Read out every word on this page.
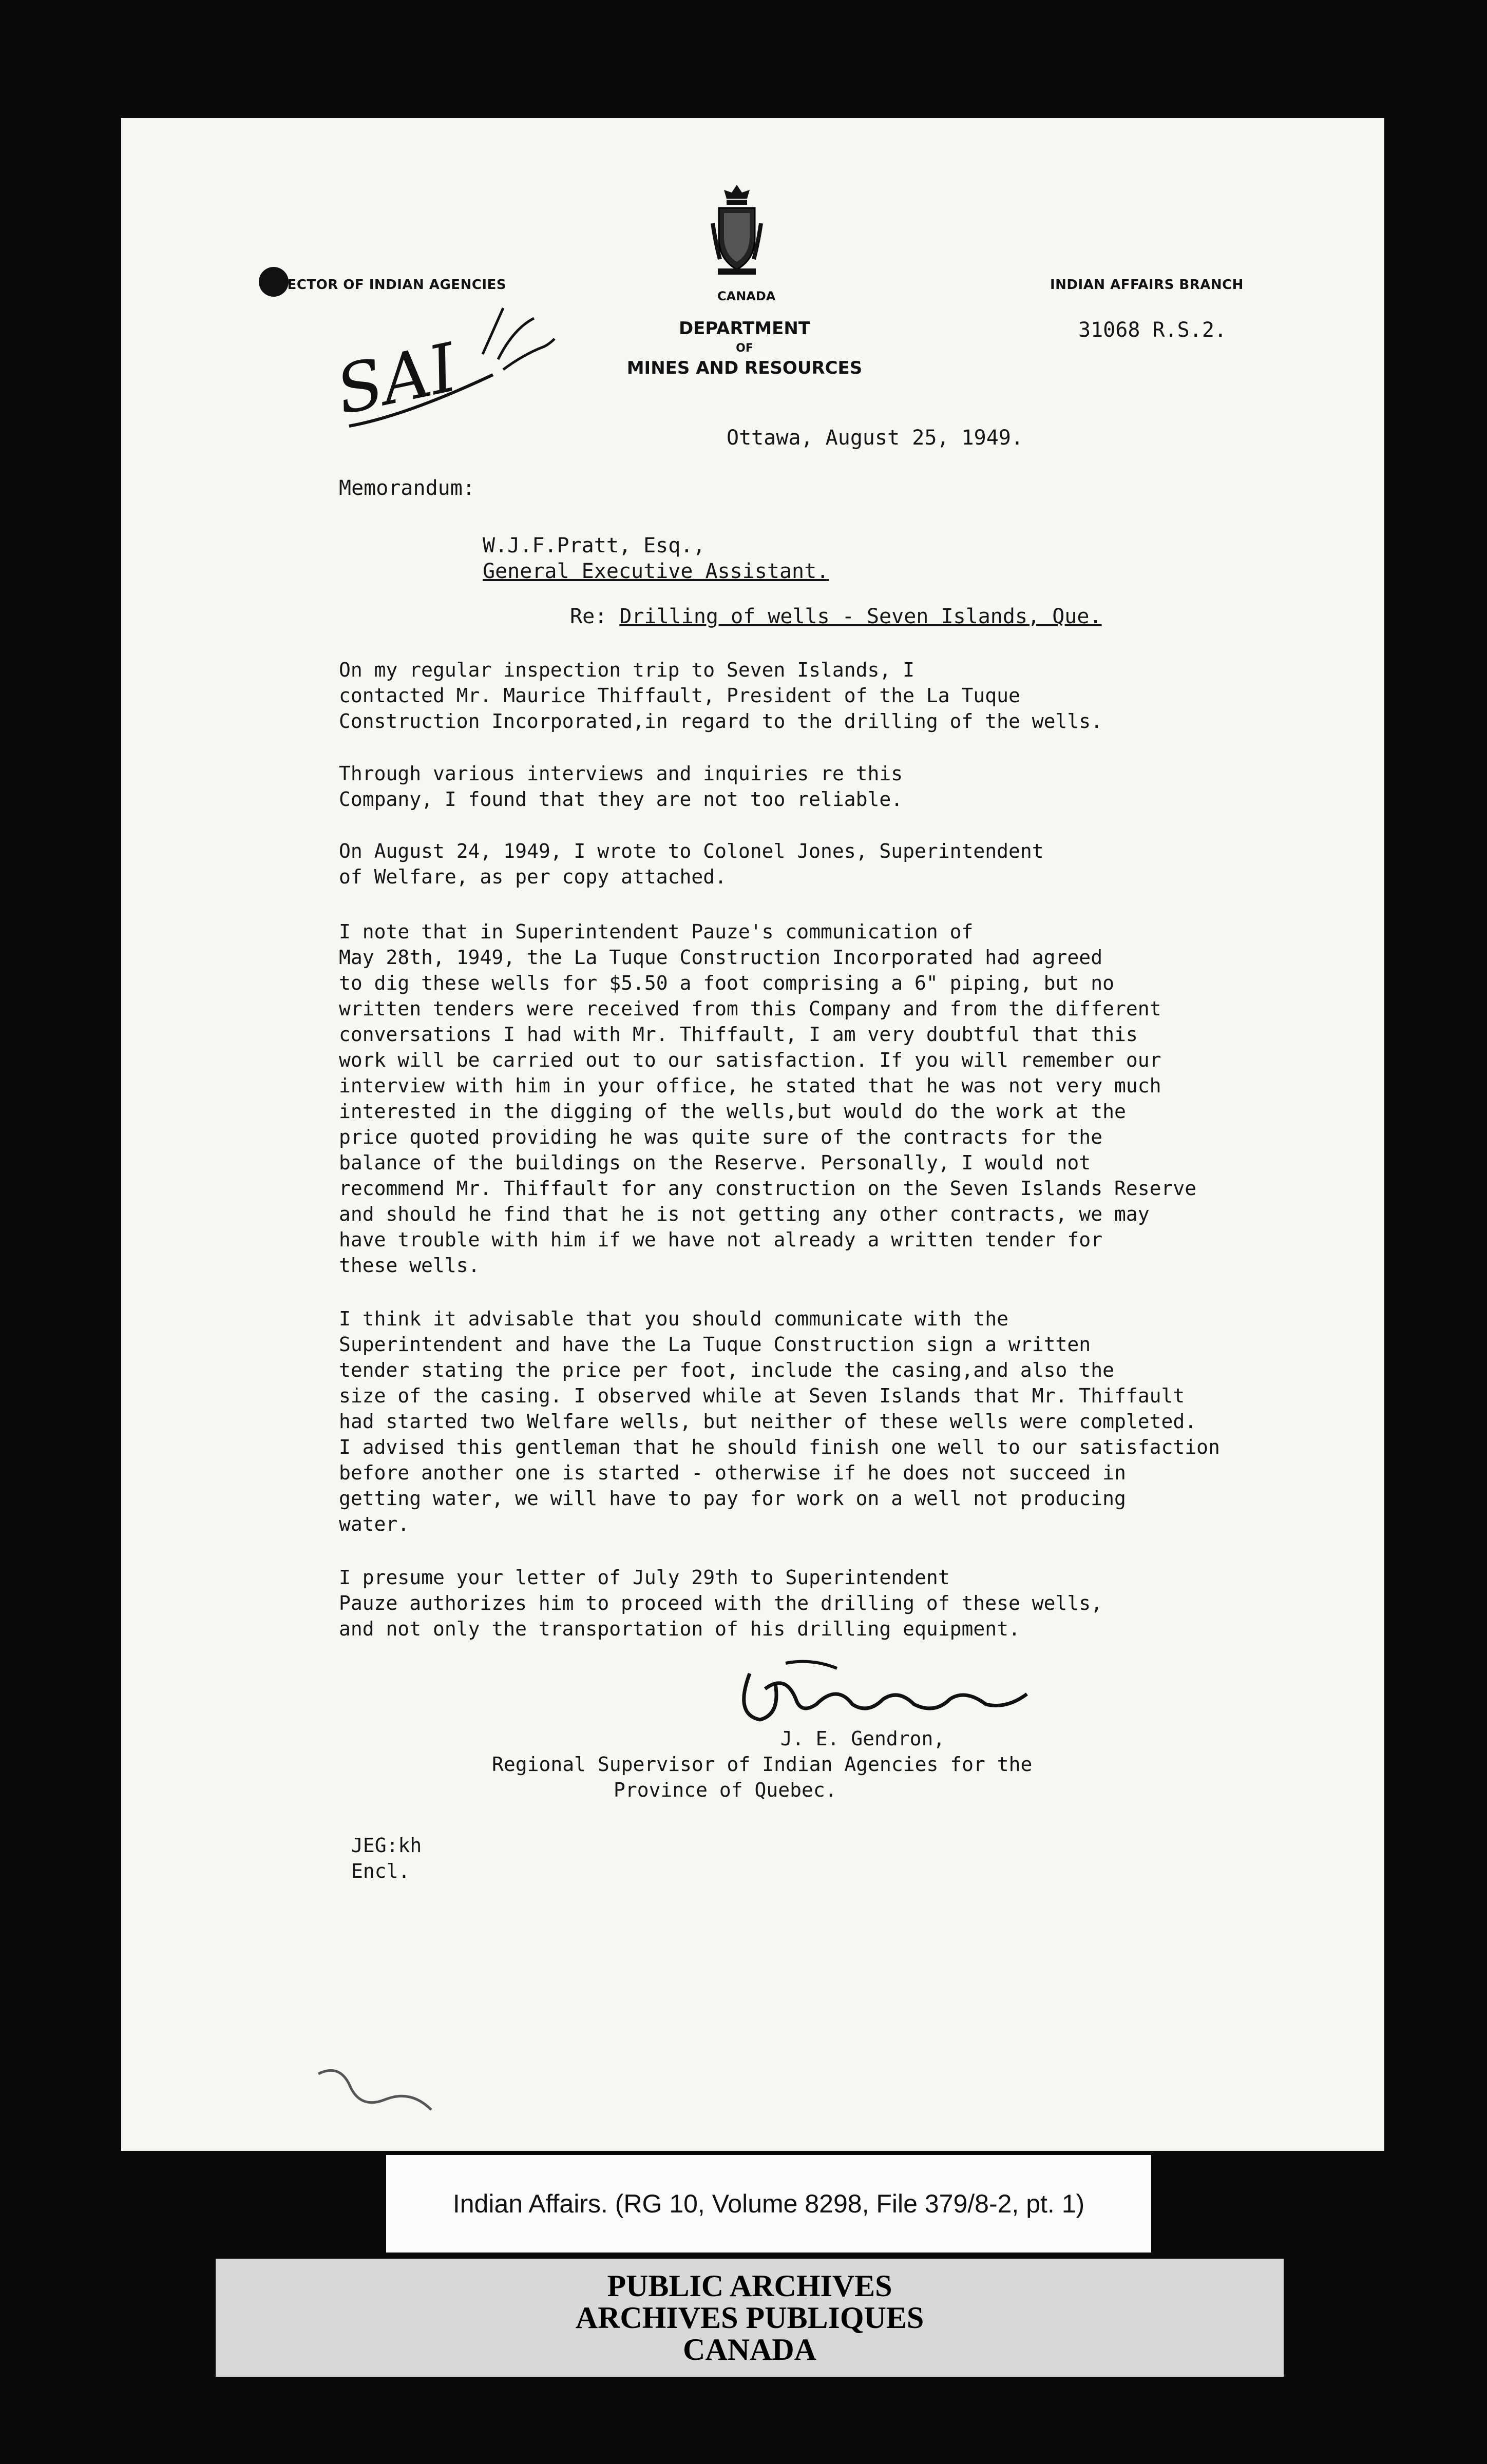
PECTOR OF INDIAN AGENCIES	INDIAN AFFAIRS BRANCH
CANADA
DEPARTMENT
OF
MINES AND RESOURCES
31068 R.S.2.
SAI
Ottawa, August 25, 1949.
Memorandum:
W.J.F.Pratt, Esq.,
General Executive Assistant.
Re: Drilling of wells - Seven Islands, Que.
On my regular inspection trip to Seven Islands, I
contacted Mr. Maurice Thiffault, President of the La Tuque
Construction Incorporated,in regard to the drilling of the wells.
Through various interviews and inquiries re this
Company, I found that they are not too reliable.
On August 24, 1949, I wrote to Colonel Jones, Superintendent
of Welfare, as per copy attached.
I note that in Superintendent Pauze's communication of
May 28th, 1949, the La Tuque Construction Incorporated had agreed
to dig these wells for $5.50 a foot comprising a 6" piping, but no
written tenders were received from this Company and from the different
conversations I had with Mr. Thiffault, I am very doubtful that this
work will be carried out to our satisfaction. If you will remember our
interview with him in your office, he stated that he was not very much
interested in the digging of the wells,but would do the work at the
price quoted providing he was quite sure of the contracts for the
balance of the buildings on the Reserve. Personally, I would not
recommend Mr. Thiffault for any construction on the Seven Islands Reserve
and should he find that he is not getting any other contracts, we may
have trouble with him if we have not already a written tender for
these wells.
I think it advisable that you should communicate with the
Superintendent and have the La Tuque Construction sign a written
tender stating the price per foot, include the casing,and also the
size of the casing. I observed while at Seven Islands that Mr. Thiffault
had started two Welfare wells, but neither of these wells were completed.
I advised this gentleman that he should finish one well to our satisfaction
before another one is started - otherwise if he does not succeed in
getting water, we will have to pay for work on a well not producing
water.
I presume your letter of July 29th to Superintendent
Pauze authorizes him to proceed with the drilling of these wells,
and not only the transportation of his drilling equipment.
J. E. Gendron,
Regional Supervisor of Indian Agencies for the
Province of Quebec.
JEG:kh
Encl.
Indian Affairs. (RG 10, Volume 8298, File 379/8-2, pt. 1)
PUBLIC ARCHIVES
ARCHIVES PUBLIQUES
CANADA
